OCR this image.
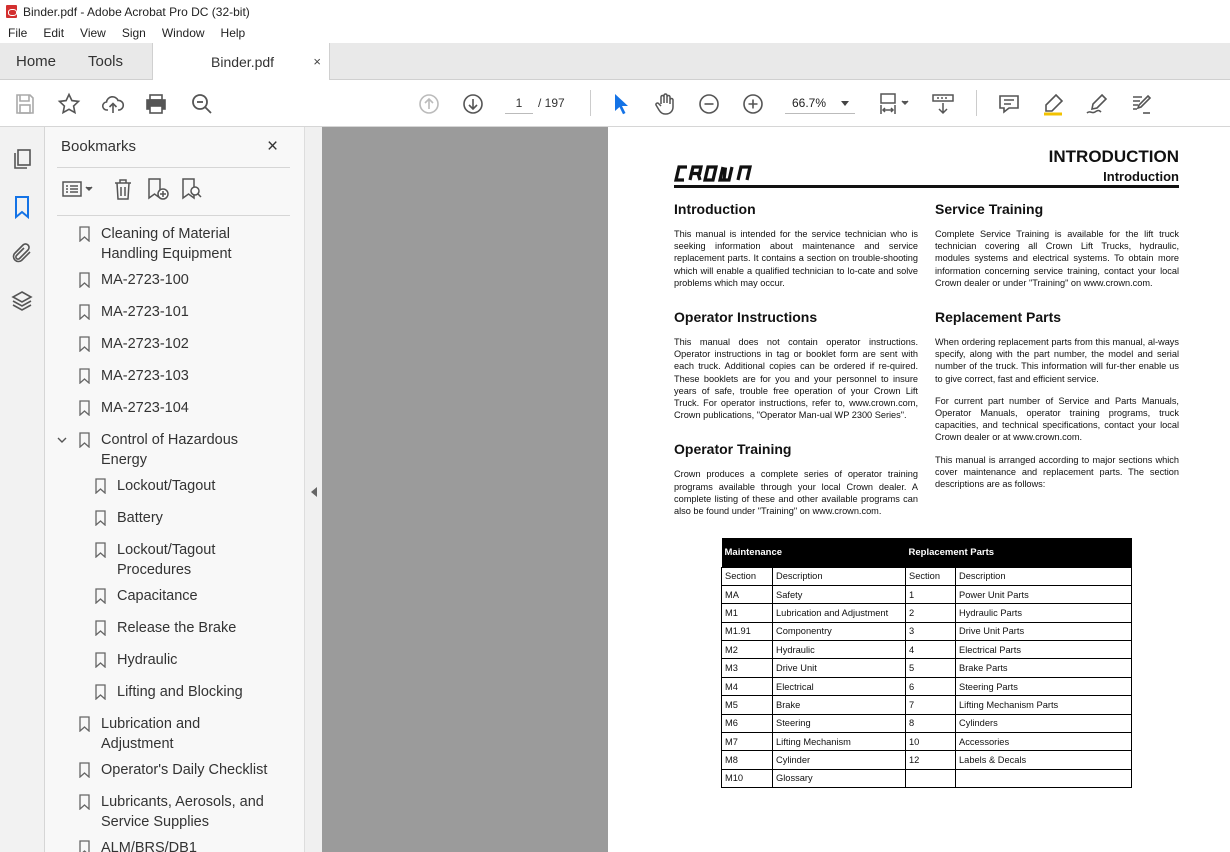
Binder.pdf - Adobe Acrobat Pro DC (32-bit)
File	Edit	View	Sign	Window	Help
Home Tools	Binder.pdf	×
1
/ 197	66.7%
Bookmarks	×
Cleaning of Material Handling Equipment
MA-2723-100
MA-2723-101
MA-2723-102
MA-2723-103
MA-2723-104
Control of Hazardous Energy
Lockout/Tagout
Battery
Lockout/Tagout Procedures
Capacitance
Release the Brake
Hydraulic
Lifting and Blocking
Lubrication and Adjustment
Operator's Daily Checklist
Lubricants, Aerosols, and Service Supplies
ALM/BRS/DB1
INTRODUCTION
Introduction
Introduction

This manual is intended for the service technician who is seeking information about maintenance and service replacement parts. It contains a section on trouble-shooting which will enable a qualified technician to lo-cate and solve problems which may occur.

Operator Instructions

This manual does not contain operator instructions. Operator instructions in tag or booklet form are sent with each truck. Additional copies can be ordered if re-quired. These booklets are for you and your personnel to insure years of safe, trouble free operation of your Crown Lift Truck. For operator instructions, refer to, www.crown.com, Crown publications, "Operator Man-ual WP 2300 Series".

Operator Training

Crown produces a complete series of operator training programs available through your local Crown dealer. A complete listing of these and other available programs can also be found under "Training" on www.crown.com.

Service Training

Complete Service Training is available for the lift truck technician covering all Crown Lift Trucks, hydraulic, modules systems and electrical systems. To obtain more information concerning service training, contact your local Crown dealer or under "Training" on www.crown.com.

Replacement Parts

When ordering replacement parts from this manual, al-ways specify, along with the part number, the model and serial number of the truck. This information will fur-ther enable us to give correct, fast and efficient service.

For current part number of Service and Parts Manuals, Operator Manuals, operator training programs, truck capacities, and technical specifications, contact your local Crown dealer or at www.crown.com.

This manual is arranged according to major sections which cover maintenance and replacement parts. The section descriptions are as follows:

Maintenance		Replacement Parts	
Section	Description	Section	Description
MA	Safety	1	Power Unit Parts
M1	Lubrication and Adjustment	2	Hydraulic Parts
M1.91	Componentry	3	Drive Unit Parts
M2	Hydraulic	4	Electrical Parts
M3	Drive Unit	5	Brake Parts
M4	Electrical	6	Steering Parts
M5	Brake	7	Lifting Mechanism Parts
M6	Steering	8	Cylinders
M7	Lifting Mechanism	10	Accessories
M8	Cylinder	12	Labels & Decals
M10	Glossary		
